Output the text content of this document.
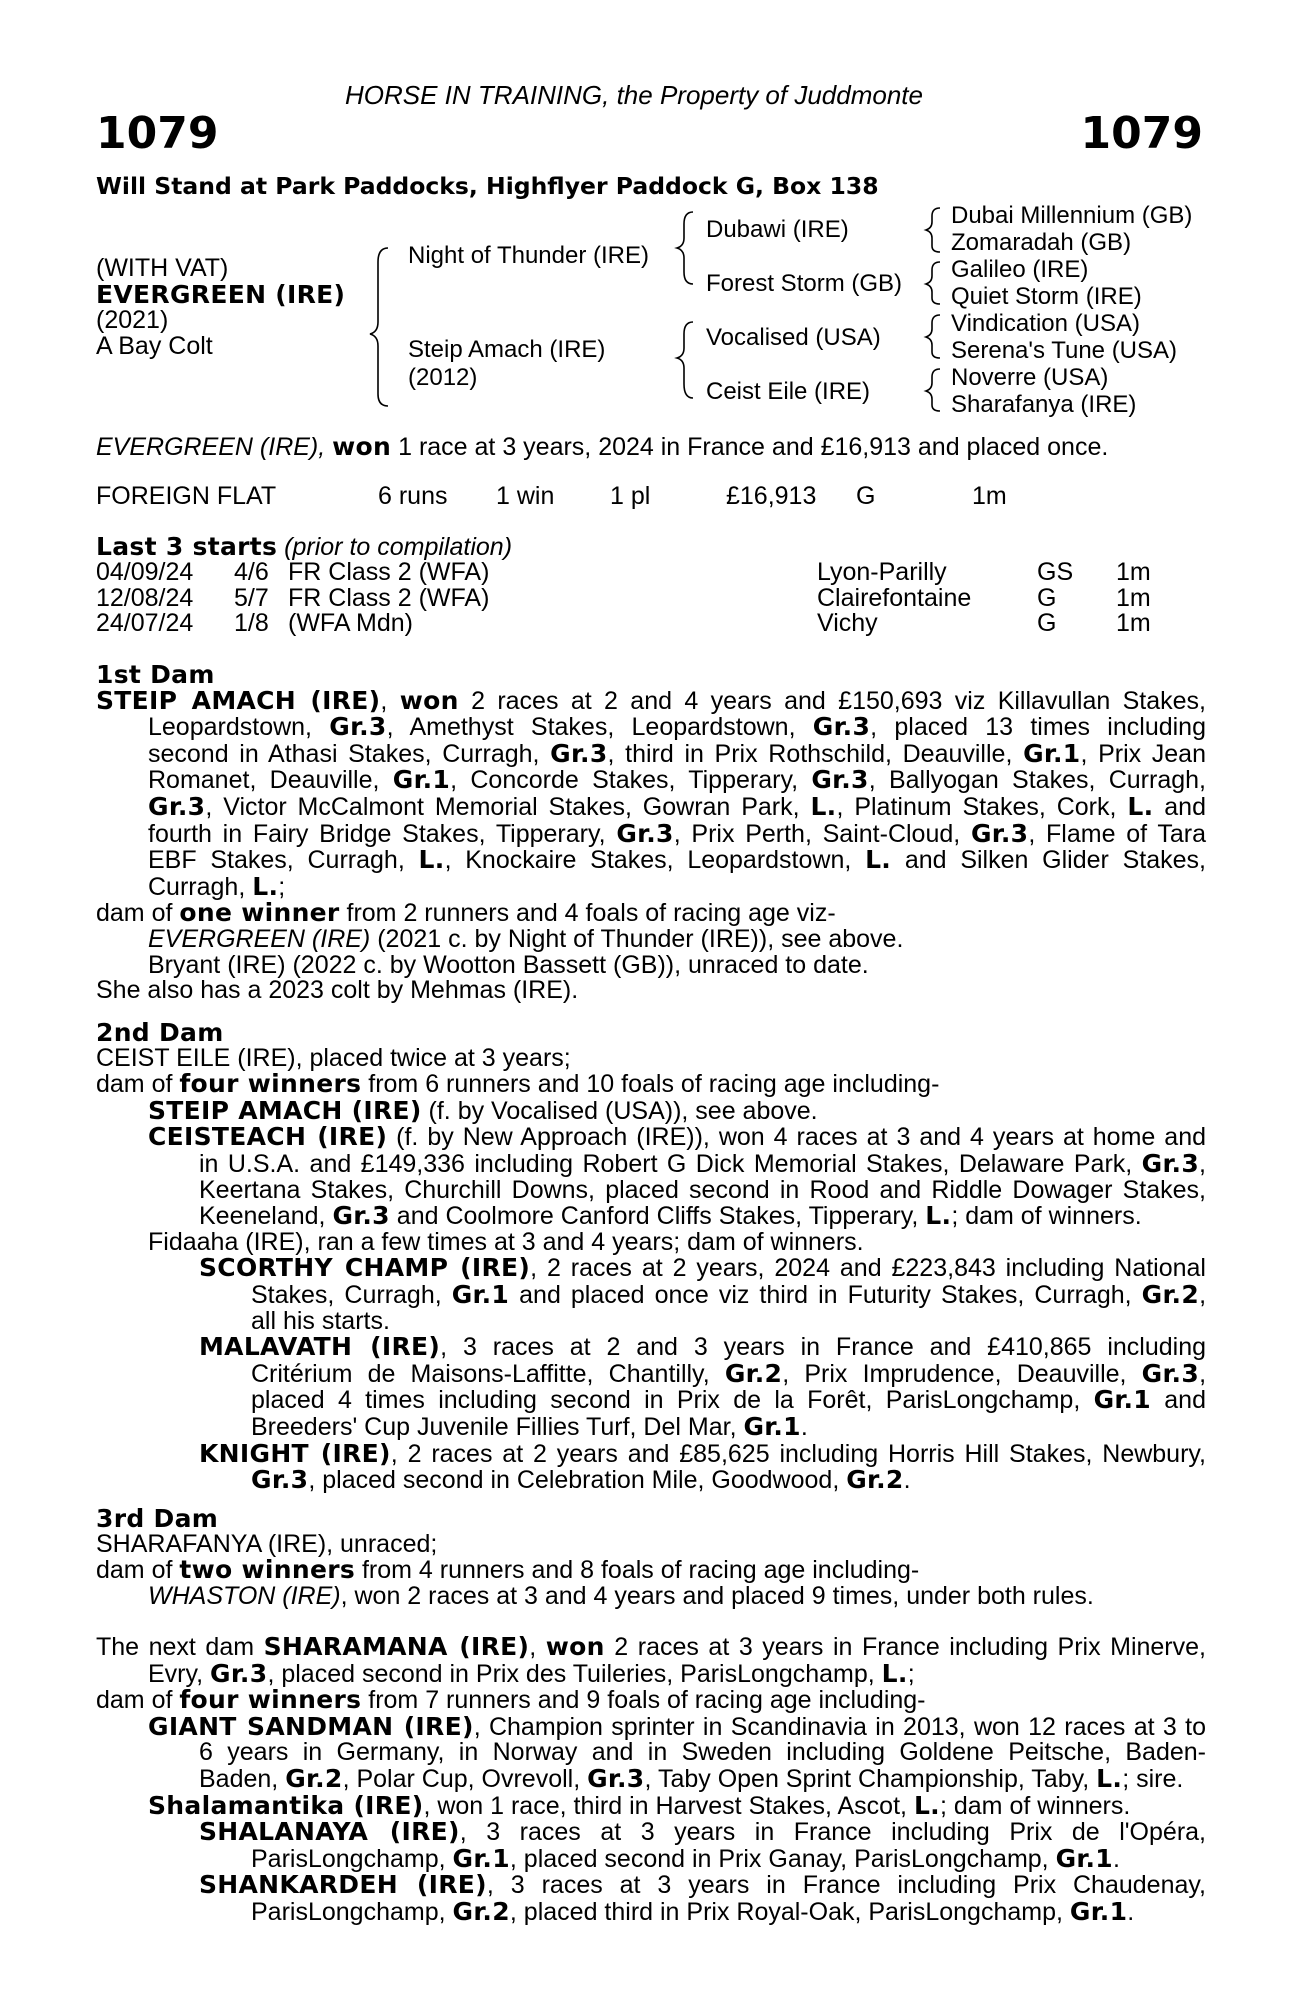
HORSE IN TRAINING, the Property of Juddmonte
1079	1079
Will Stand at Park Paddocks, Highflyer Paddock G, Box 138
(WITH VAT)
EVERGREEN (IRE)
(2021)
A Bay Colt
Night of Thunder (IRE)
Steip Amach (IRE)
(2012)
Dubawi (IRE)
Forest Storm (GB)
Vocalised (USA)
Ceist Eile (IRE)
Dubai Millennium (GB)
Zomaradah (GB)
Galileo (IRE)
Quiet Storm (IRE)
Vindication (USA)
Serena's Tune (USA)
Noverre (USA)
Sharafanya (IRE)
EVERGREEN (IRE), won 1 race at 3 years, 2024 in France and £16,913 and placed once.
FOREIGN FLAT	6 runs 1 win 1 pl	£16,913 G	1m
Last 3 starts (prior to compilation)
04/09/24 4/6 FR Class 2 (WFA)	Lyon-Parilly	GS 1m
12/08/24 5/7 FR Class 2 (WFA)	Clairefontaine	G 1m
24/07/24 1/8 (WFA Mdn)	Vichy	G 1m
1st Dam
STEIP AMACH (IRE), won 2 races at 2 and 4 years and £150,693 viz Killavullan Stakes,
Leopardstown, Gr.3, Amethyst Stakes, Leopardstown, Gr.3, placed 13 times including
second in Athasi Stakes, Curragh, Gr.3, third in Prix Rothschild, Deauville, Gr.1, Prix Jean
Romanet, Deauville, Gr.1, Concorde Stakes, Tipperary, Gr.3, Ballyogan Stakes, Curragh,
Gr.3, Victor McCalmont Memorial Stakes, Gowran Park, L., Platinum Stakes, Cork, L. and
fourth in Fairy Bridge Stakes, Tipperary, Gr.3, Prix Perth, Saint-Cloud, Gr.3, Flame of Tara
EBF Stakes, Curragh, L., Knockaire Stakes, Leopardstown, L. and Silken Glider Stakes,
Curragh, L.;
dam of one winner from 2 runners and 4 foals of racing age viz-
EVERGREEN (IRE) (2021 c. by Night of Thunder (IRE)), see above.
Bryant (IRE) (2022 c. by Wootton Bassett (GB)), unraced to date.
She also has a 2023 colt by Mehmas (IRE).
2nd Dam
CEIST EILE (IRE), placed twice at 3 years;
dam of four winners from 6 runners and 10 foals of racing age including-
STEIP AMACH (IRE) (f. by Vocalised (USA)), see above.
CEISTEACH (IRE) (f. by New Approach (IRE)), won 4 races at 3 and 4 years at home and
in U.S.A. and £149,336 including Robert G Dick Memorial Stakes, Delaware Park, Gr.3,
Keertana Stakes, Churchill Downs, placed second in Rood and Riddle Dowager Stakes,
Keeneland, Gr.3 and Coolmore Canford Cliffs Stakes, Tipperary, L.; dam of winners.
Fidaaha (IRE), ran a few times at 3 and 4 years; dam of winners.
SCORTHY CHAMP (IRE), 2 races at 2 years, 2024 and £223,843 including National
Stakes, Curragh, Gr.1 and placed once viz third in Futurity Stakes, Curragh, Gr.2,
all his starts.
MALAVATH (IRE), 3 races at 2 and 3 years in France and £410,865 including
Critérium de Maisons-Laffitte, Chantilly, Gr.2, Prix Imprudence, Deauville, Gr.3,
placed 4 times including second in Prix de la Forêt, ParisLongchamp, Gr.1 and
Breeders' Cup Juvenile Fillies Turf, Del Mar, Gr.1.
KNIGHT (IRE), 2 races at 2 years and £85,625 including Horris Hill Stakes, Newbury,
Gr.3, placed second in Celebration Mile, Goodwood, Gr.2.
3rd Dam
SHARAFANYA (IRE), unraced;
dam of two winners from 4 runners and 8 foals of racing age including-
WHASTON (IRE), won 2 races at 3 and 4 years and placed 9 times, under both rules.
The next dam SHARAMANA (IRE), won 2 races at 3 years in France including Prix Minerve,
Evry, Gr.3, placed second in Prix des Tuileries, ParisLongchamp, L.;
dam of four winners from 7 runners and 9 foals of racing age including-
GIANT SANDMAN (IRE), Champion sprinter in Scandinavia in 2013, won 12 races at 3 to
6 years in Germany, in Norway and in Sweden including Goldene Peitsche, Baden-
Baden, Gr.2, Polar Cup, Ovrevoll, Gr.3, Taby Open Sprint Championship, Taby, L.; sire.
Shalamantika (IRE), won 1 race, third in Harvest Stakes, Ascot, L.; dam of winners.
SHALANAYA (IRE), 3 races at 3 years in France including Prix de l'Opéra,
ParisLongchamp, Gr.1, placed second in Prix Ganay, ParisLongchamp, Gr.1.
SHANKARDEH (IRE), 3 races at 3 years in France including Prix Chaudenay,
ParisLongchamp, Gr.2, placed third in Prix Royal-Oak, ParisLongchamp, Gr.1.
